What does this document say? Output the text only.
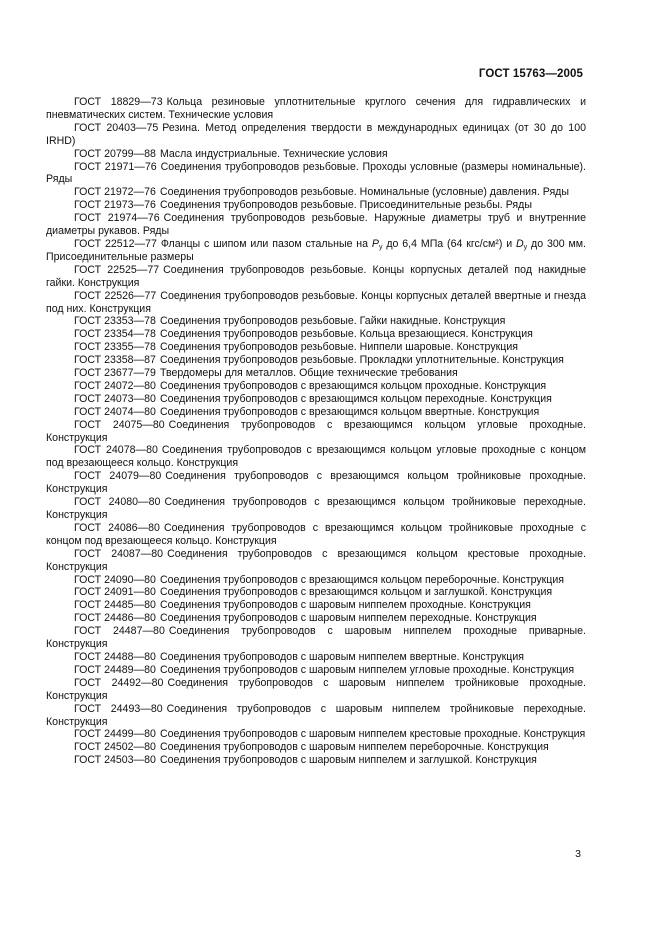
ГОСТ 15763—2005

ГОСТ 18829—73 Кольца резиновые уплотнительные круглого сечения для гидравлических и пневматических систем. Технические условия

ГОСТ 20403—75 Резина. Метод определения твердости в международных единицах (от 30 до 100 IRHD)

ГОСТ 20799—88 Масла индустриальные. Технические условия

ГОСТ 21971—76 Соединения трубопроводов резьбовые. Проходы условные (размеры номинальные). Ряды

ГОСТ 21972—76 Соединения трубопроводов резьбовые. Номинальные (условные) давления. Ряды

ГОСТ 21973—76 Соединения трубопроводов резьбовые. Присоединительные резьбы. Ряды

ГОСТ 21974—76 Соединения трубопроводов резьбовые. Наружные диаметры труб и внутренние диаметры рукавов. Ряды

ГОСТ 22512—77 Фланцы с шипом или пазом стальные на $P_у$ до 6,4 МПа (64 кгс/см²) и $D_у$ до 300 мм. Присоединительные размеры

ГОСТ 22525—77 Соединения трубопроводов резьбовые. Концы корпусных деталей под накидные гайки. Конструкция

ГОСТ 22526—77 Соединения трубопроводов резьбовые. Концы корпусных деталей ввертные и гнезда под них. Конструкция

ГОСТ 23353—78 Соединения трубопроводов резьбовые. Гайки накидные. Конструкция

ГОСТ 23354—78 Соединения трубопроводов резьбовые. Кольца врезающиеся. Конструкция

ГОСТ 23355—78 Соединения трубопроводов резьбовые. Ниппели шаровые. Конструкция

ГОСТ 23358—87 Соединения трубопроводов резьбовые. Прокладки уплотнительные. Конструкция

ГОСТ 23677—79 Твердомеры для металлов. Общие технические требования

ГОСТ 24072—80 Соединения трубопроводов с врезающимся кольцом проходные. Конструкция

ГОСТ 24073—80 Соединения трубопроводов с врезающимся кольцом переходные. Конструкция

ГОСТ 24074—80 Соединения трубопроводов с врезающимся кольцом ввертные. Конструкция

ГОСТ 24075—80 Соединения трубопроводов с врезающимся кольцом угловые проходные. Конструкция

ГОСТ 24078—80 Соединения трубопроводов с врезающимся кольцом угловые проходные с концом под врезающееся кольцо. Конструкция

ГОСТ 24079—80 Соединения трубопроводов с врезающимся кольцом тройниковые проходные. Конструкция

ГОСТ 24080—80 Соединения трубопроводов с врезающимся кольцом тройниковые переходные. Конструкция

ГОСТ 24086—80 Соединения трубопроводов с врезающимся кольцом тройниковые проходные с концом под врезающееся кольцо. Конструкция

ГОСТ 24087—80 Соединения трубопроводов с врезающимся кольцом крестовые проходные. Конструкция

ГОСТ 24090—80 Соединения трубопроводов с врезающимся кольцом переборочные. Конструкция

ГОСТ 24091—80 Соединения трубопроводов с врезающимся кольцом и заглушкой. Конструкция

ГОСТ 24485—80 Соединения трубопроводов с шаровым ниппелем проходные. Конструкция

ГОСТ 24486—80 Соединения трубопроводов с шаровым ниппелем переходные. Конструкция

ГОСТ 24487—80 Соединения трубопроводов с шаровым ниппелем проходные приварные. Конструкция

ГОСТ 24488—80 Соединения трубопроводов с шаровым ниппелем ввертные. Конструкция

ГОСТ 24489—80 Соединения трубопроводов с шаровым ниппелем угловые проходные. Конструкция

ГОСТ 24492—80 Соединения трубопроводов с шаровым ниппелем тройниковые проходные. Конструкция

ГОСТ 24493—80 Соединения трубопроводов с шаровым ниппелем тройниковые переходные. Конструкция

ГОСТ 24499—80 Соединения трубопроводов с шаровым ниппелем крестовые проходные. Конструкция

ГОСТ 24502—80 Соединения трубопроводов с шаровым ниппелем переборочные. Конструкция

ГОСТ 24503—80 Соединения трубопроводов с шаровым ниппелем и заглушкой. Конструкция

3
